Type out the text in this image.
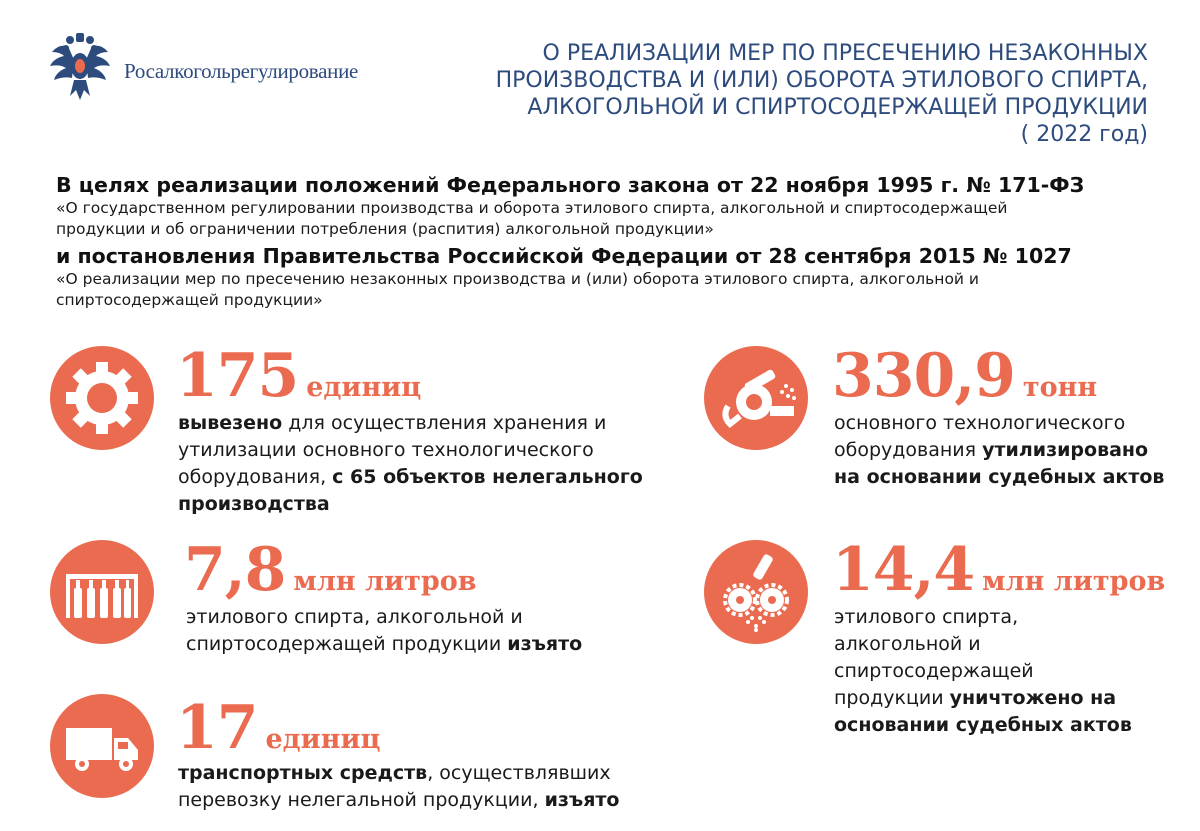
Росалкогольрегулирование
О РЕАЛИЗАЦИИ МЕР ПО ПРЕСЕЧЕНИЮ НЕЗАКОННЫХ
ПРОИЗВОДСТВА И (ИЛИ) ОБОРОТА ЭТИЛОВОГО СПИРТА,
АЛКОГОЛЬНОЙ И СПИРТОСОДЕРЖАЩЕЙ ПРОДУКЦИИ
( 2022 год)
В целях реализации положений Федерального закона от 22 ноября 1995 г. № 171-ФЗ
«О государственном регулировании производства и оборота этилового спирта, алкогольной и спиртосодержащей
продукции и об ограничении потребления (распития) алкогольной продукции»
и постановления Правительства Российской Федерации от 28 сентября 2015 № 1027
«О реализации мер по пресечению незаконных производства и (или) оборота этилового спирта, алкогольной и
спиртосодержащей продукции»
175 единиц
вывезено для осуществления хранения и
утилизации основного технологического
оборудования, с 65 объектов нелегального
производства
330,9 тонн
основного технологического
оборудования утилизировано
на основании судебных актов
7,8 млн литров
этилового спирта, алкогольной и
спиртосодержащей продукции изъято
14,4 млн литров
этилового спирта,
алкогольной и
спиртосодержащей
продукции уничтожено на
основании судебных актов
17 единиц
транспортных средств, осуществлявших
перевозку нелегальной продукции, изъято
